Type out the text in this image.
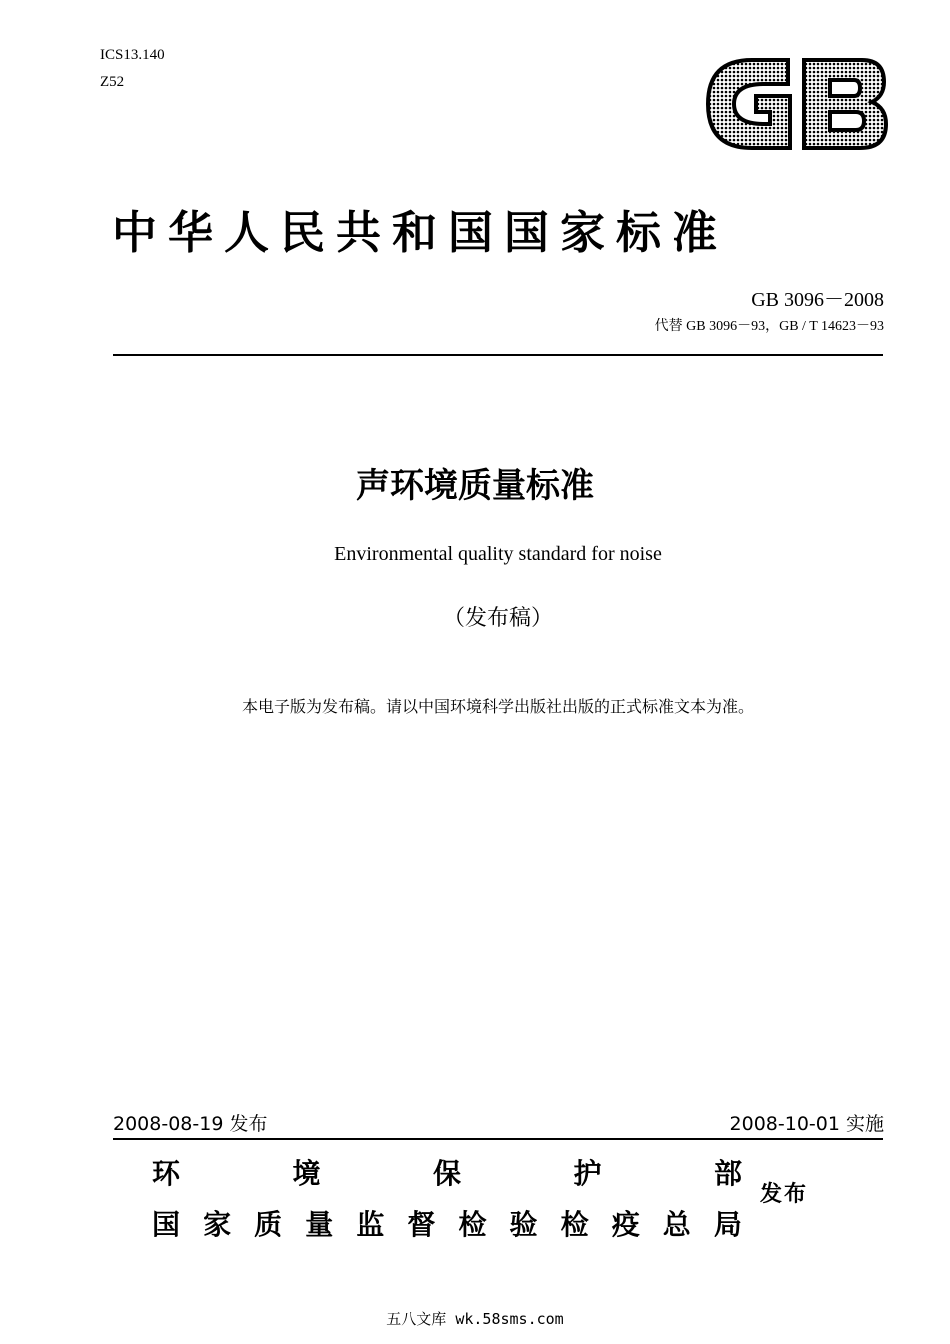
ICS13.140
Z52
中华人民共和国国家标准
GB 3096－2008
代替 GB 3096－93，GB / T 14623－93
声环境质量标准
Environmental quality standard for noise
（发布稿）
本电子版为发布稿。请以中国环境科学出版社出版的正式标准文本为准。
2008-08-19 发布	2008-10-01 实施
环	境	保	护	部
国 家 质 量 监 督 检 验 检 疫 总 局
发布
五八文库 wk.58sms.com
